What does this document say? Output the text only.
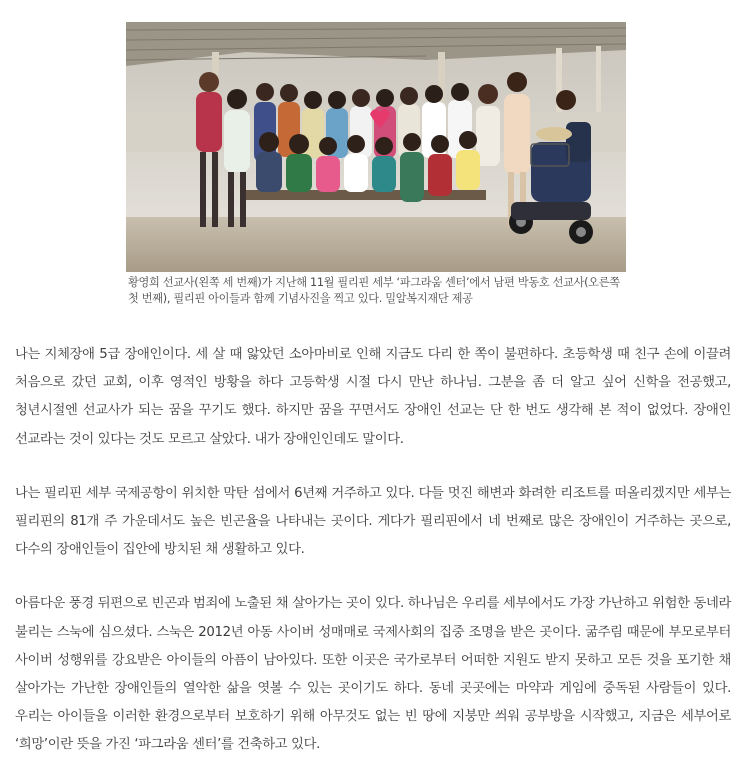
황영희 선교사(왼쪽 세 번째)가 지난해 11월 필리핀 세부 ‘파그라움 센터’에서 남편 박동호 선교사(오른쪽 첫 번째), 필리핀 아이들과 함께 기념사진을 찍고 있다. 밀알복지재단 제공

나는 지체장애 5급 장애인이다. 세 살 때 앓았던 소아마비로 인해 지금도 다리 한 쪽이 불편하다. 초등학생 때 친구 손에 이끌려 처음으로 갔던 교회, 이후 영적인 방황을 하다 고등학생 시절 다시 만난 하나님. 그분을 좀 더 알고 싶어 신학을 전공했고, 청년시절엔 선교사가 되는 꿈을 꾸기도 했다. 하지만 꿈을 꾸면서도 장애인 선교는 단 한 번도 생각해 본 적이 없었다. 장애인 선교라는 것이 있다는 것도 모르고 살았다. 내가 장애인인데도 말이다.

나는 필리핀 세부 국제공항이 위치한 막탄 섬에서 6년째 거주하고 있다. 다들 멋진 해변과 화려한 리조트를 떠올리겠지만 세부는 필리핀의 81개 주 가운데서도 높은 빈곤율을 나타내는 곳이다. 게다가 필리핀에서 네 번째로 많은 장애인이 거주하는 곳으로, 다수의 장애인들이 집안에 방치된 채 생활하고 있다.

아름다운 풍경 뒤편으로 빈곤과 범죄에 노출된 채 살아가는 곳이 있다. 하나님은 우리를 세부에서도 가장 가난하고 위험한 동네라 불리는 스눅에 심으셨다. 스눅은 2012년 아동 사이버 성매매로 국제사회의 집중 조명을 받은 곳이다. 굶주림 때문에 부모로부터 사이버 성행위를 강요받은 아이들의 아픔이 남아있다. 또한 이곳은 국가로부터 어떠한 지원도 받지 못하고 모든 것을 포기한 채 살아가는 가난한 장애인들의 열악한 삶을 엿볼 수 있는 곳이기도 하다. 동네 곳곳에는 마약과 게임에 중독된 사람들이 있다. 우리는 아이들을 이러한 환경으로부터 보호하기 위해 아무것도 없는 빈 땅에 지붕만 씌워 공부방을 시작했고, 지금은 세부어로 ‘희망’이란 뜻을 가진 ‘파그라움 센터’를 건축하고 있다.
